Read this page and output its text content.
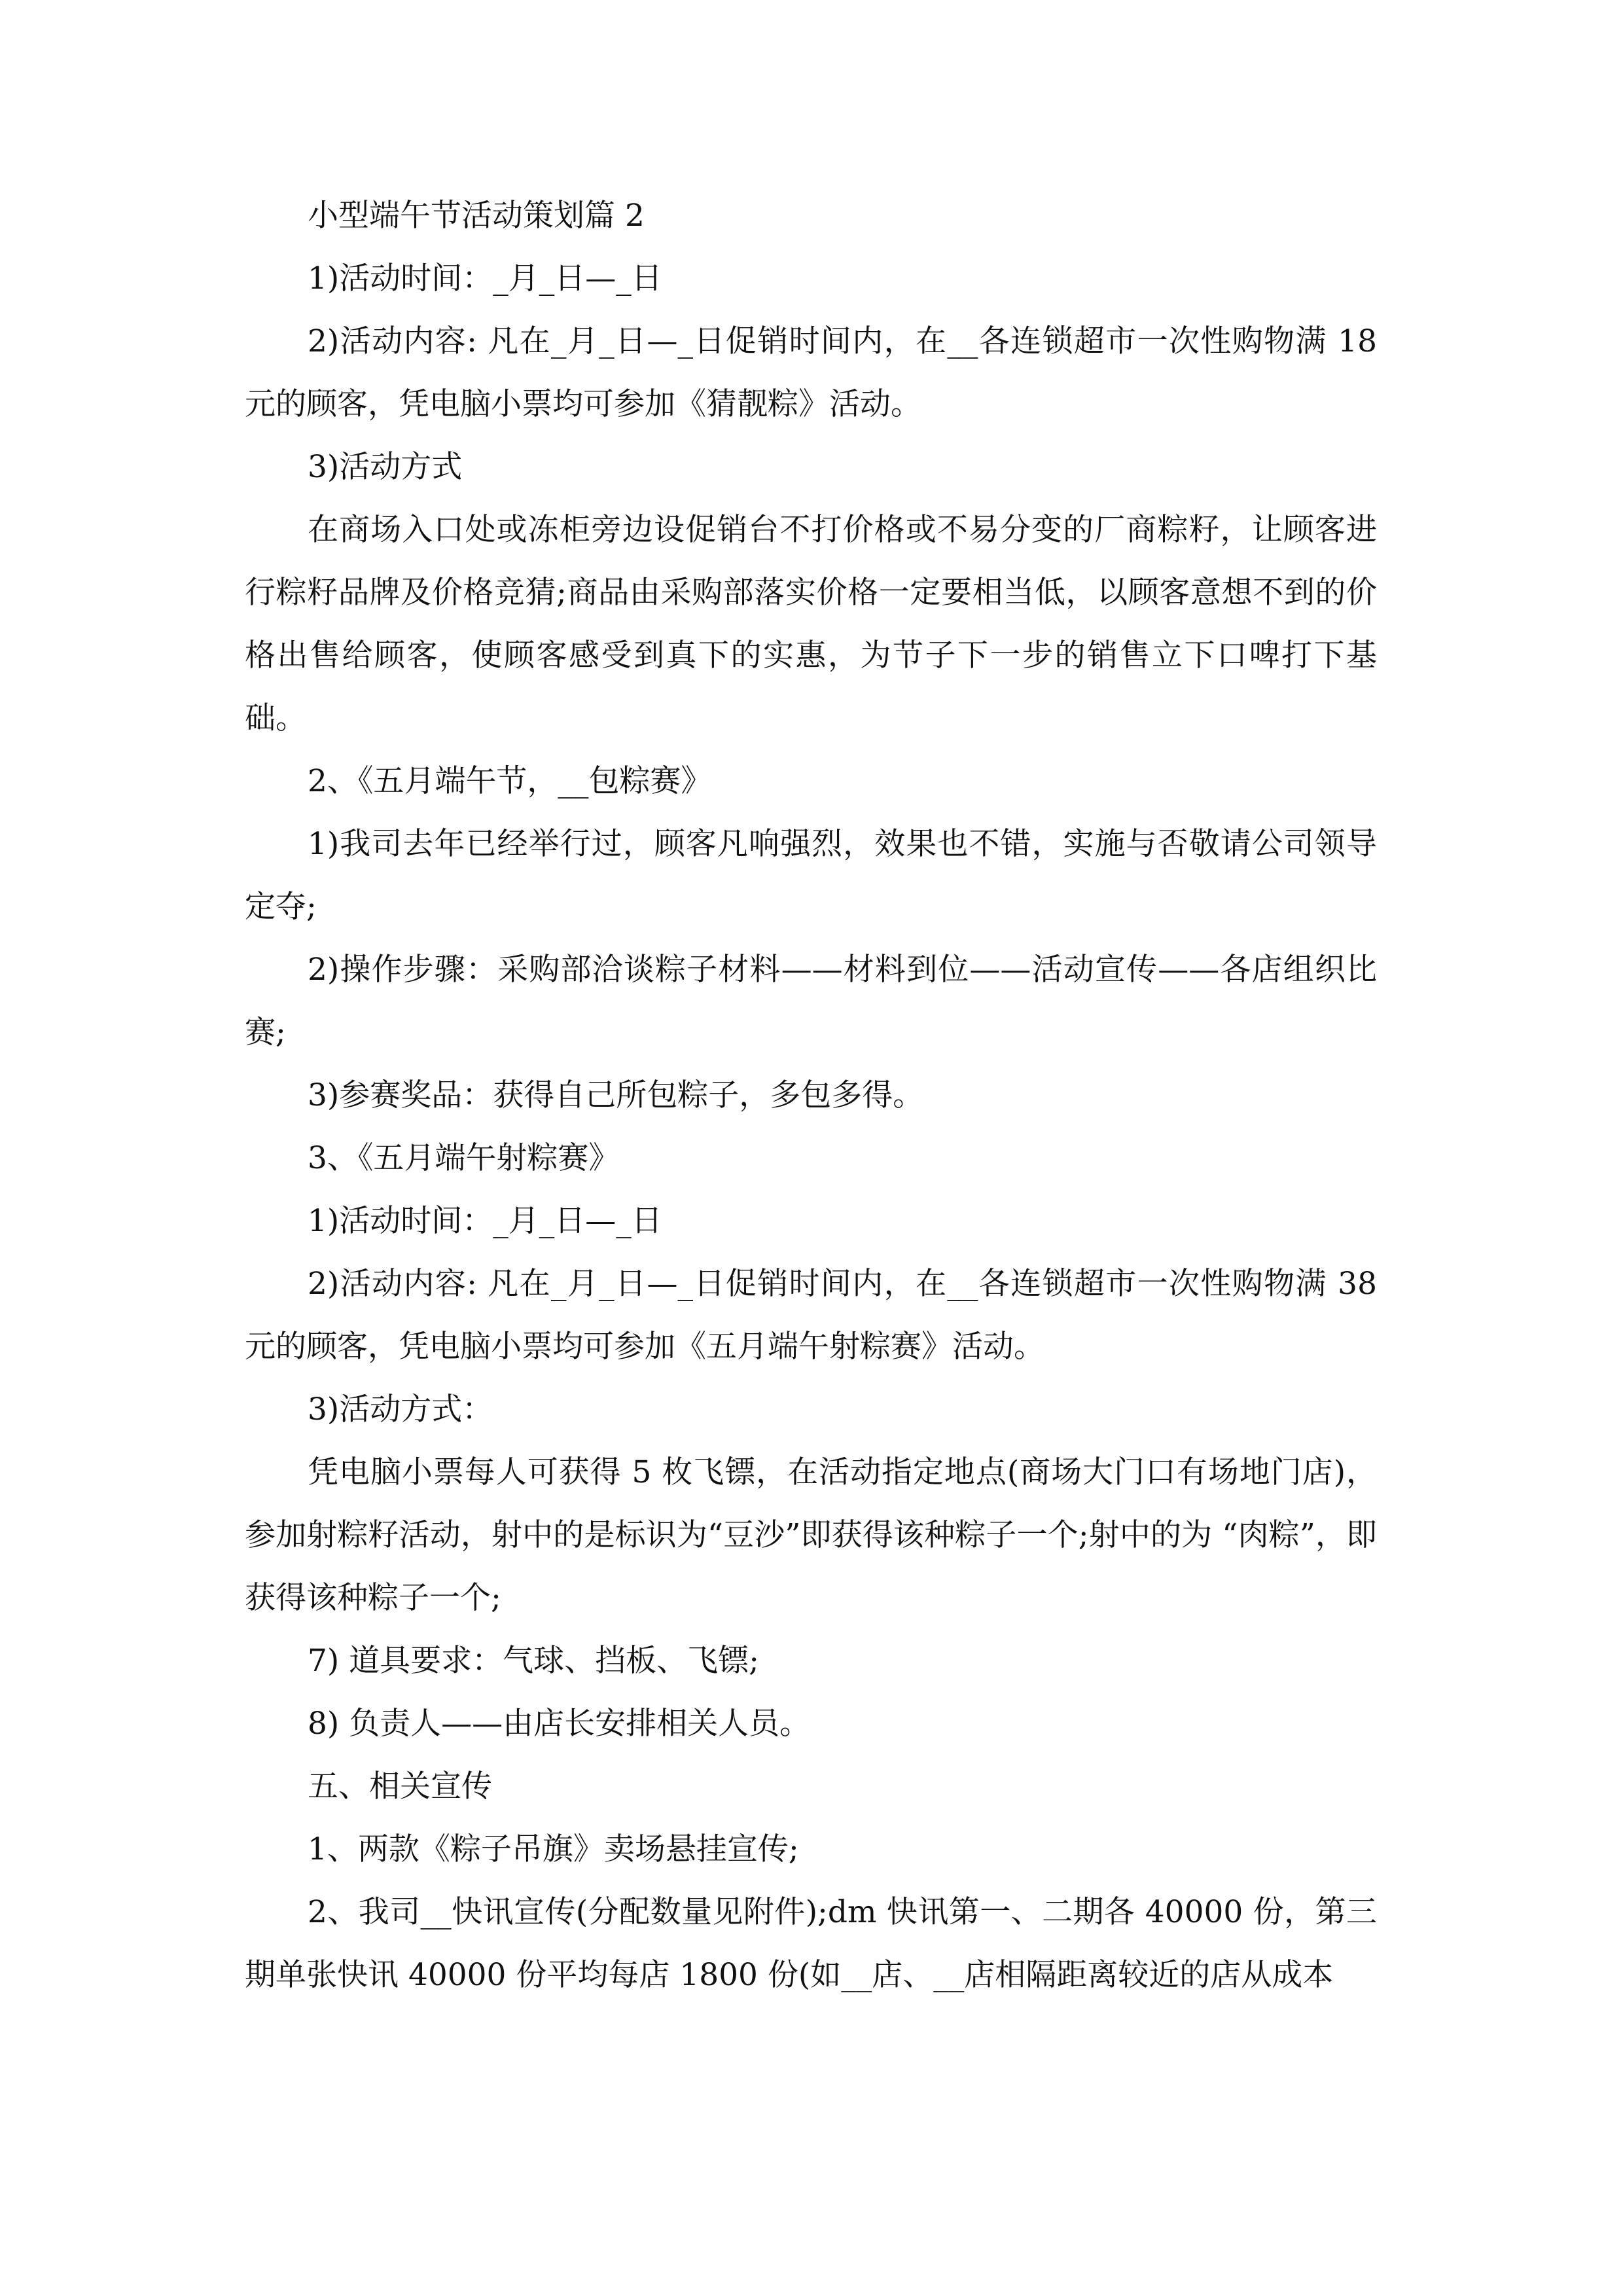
小型端午节活动策划篇 2

1)活动时间：_月_日—_日

2)活动内容: 凡在_月_日—_日促销时间内，在__各连锁超市一次性购物满 18 元的顾客，凭电脑小票均可参加《猜靓粽》活动。

3)活动方式

在商场入口处或冻柜旁边设促销台不打价格或不易分变的厂商粽籽，让顾客进行粽籽品牌及价格竞猜;商品由采购部落实价格一定要相当低，以顾客意想不到的价格出售给顾客，使顾客感受到真下的实惠，为节子下一步的销售立下口啤打下基础。

2、《五月端午节，__包粽赛》

1)我司去年已经举行过，顾客凡响强烈，效果也不错，实施与否敬请公司领导定夺;

2)操作步骤：采购部洽谈粽子材料——材料到位——活动宣传——各店组织比赛;

3)参赛奖品：获得自己所包粽子，多包多得。

3、《五月端午射粽赛》

1)活动时间：_月_日—_日

2)活动内容: 凡在_月_日—_日促销时间内，在__各连锁超市一次性购物满 38 元的顾客，凭电脑小票均可参加《五月端午射粽赛》活动。

3)活动方式：

凭电脑小票每人可获得 5 枚飞镖，在活动指定地点(商场大门口有场地门店)，参加射粽籽活动，射中的是标识为“豆沙”即获得该种粽子一个;射中的为 “肉粽”，即获得该种粽子一个;

7) 道具要求：气球、挡板、飞镖;

8) 负责人——由店长安排相关人员。

五、相关宣传

1、两款《粽子吊旗》卖场悬挂宣传;

2、我司__快讯宣传(分配数量见附件);dm 快讯第一、二期各 40000 份，第三期单张快讯 40000 份平均每店 1800 份(如__店、__店相隔距离较近的店从成本
